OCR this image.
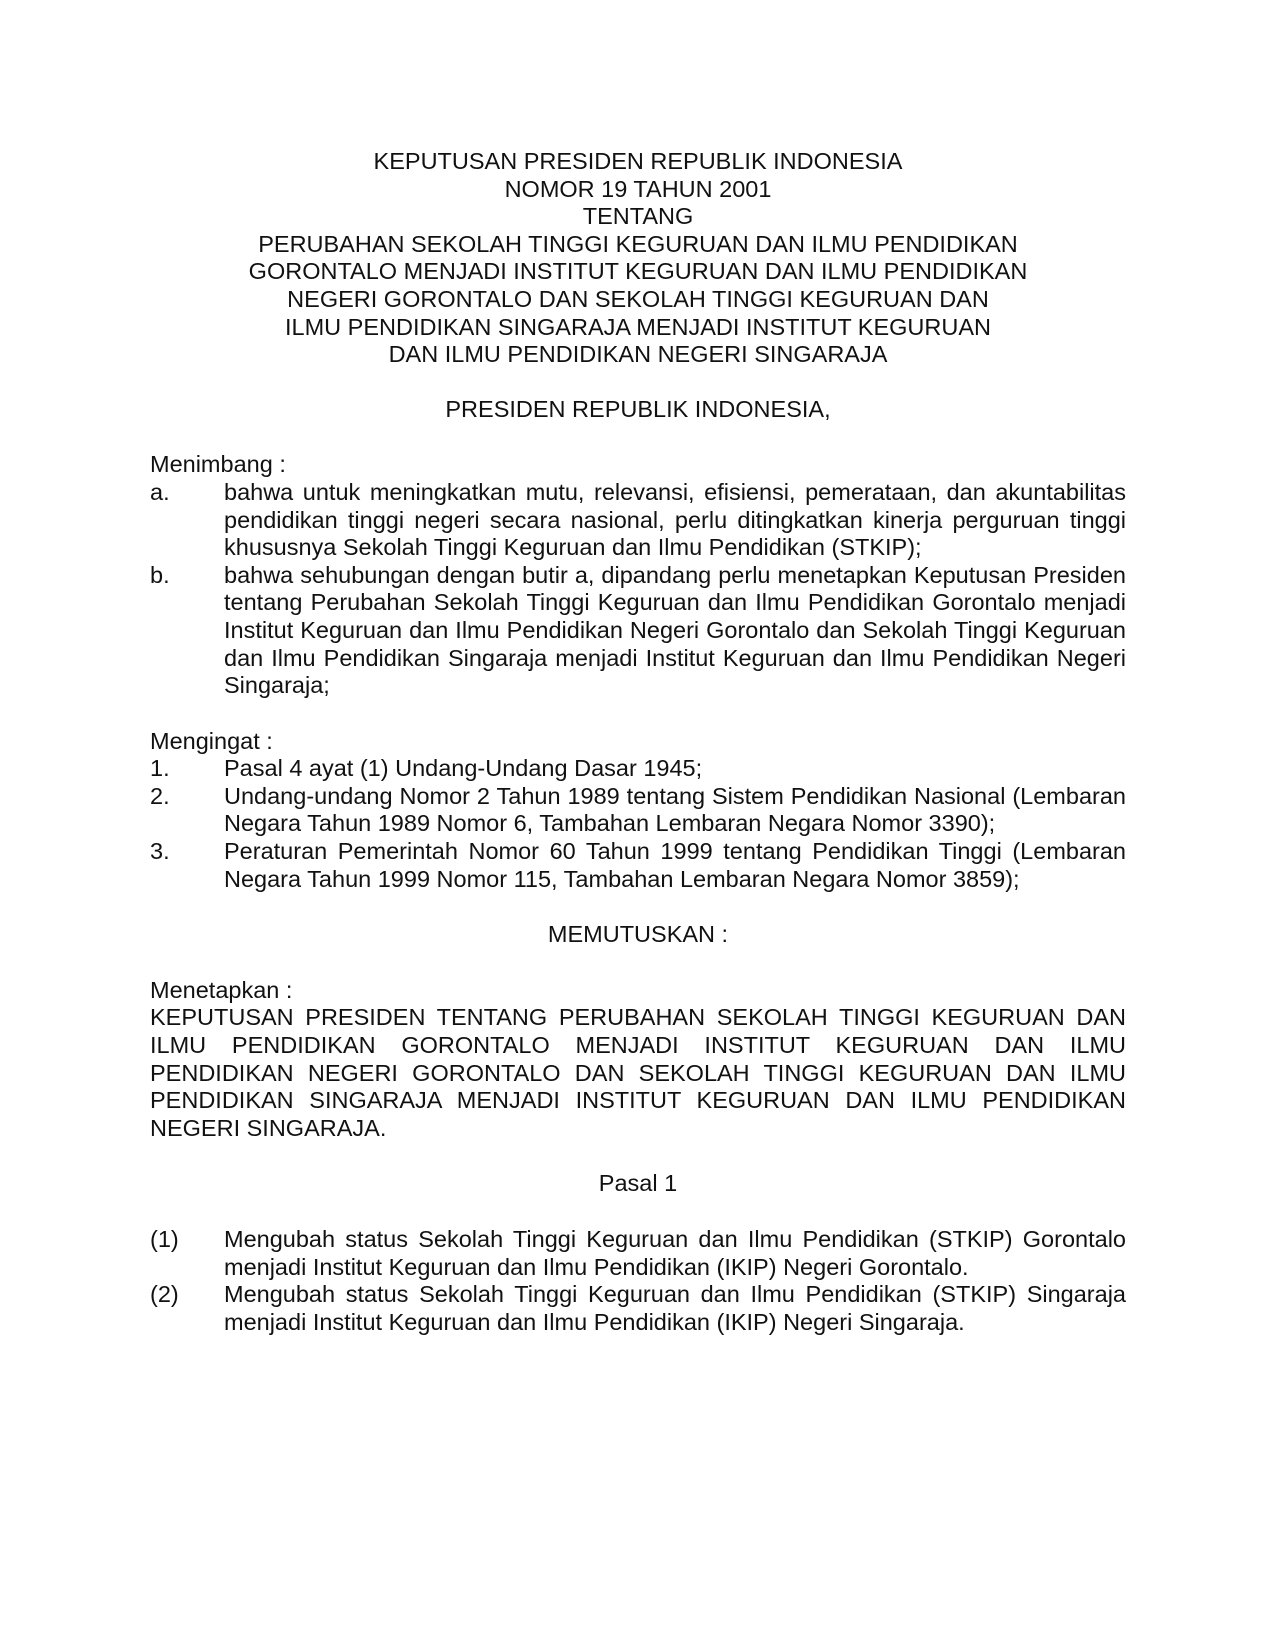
KEPUTUSAN PRESIDEN REPUBLIK INDONESIA
NOMOR 19 TAHUN 2001
TENTANG
PERUBAHAN SEKOLAH TINGGI KEGURUAN DAN ILMU PENDIDIKAN
GORONTALO MENJADI INSTITUT KEGURUAN DAN ILMU PENDIDIKAN
NEGERI GORONTALO DAN SEKOLAH TINGGI KEGURUAN DAN
ILMU PENDIDIKAN SINGARAJA MENJADI INSTITUT KEGURUAN
DAN ILMU PENDIDIKAN NEGERI SINGARAJA
PRESIDEN REPUBLIK INDONESIA,
Menimbang :
a.	bahwa untuk meningkatkan mutu, relevansi, efisiensi, pemerataan, dan akuntabilitas pendidikan tinggi negeri secara nasional, perlu ditingkatkan kinerja perguruan tinggi khususnya Sekolah Tinggi Keguruan dan Ilmu Pendidikan (STKIP);
b.	bahwa sehubungan dengan butir a, dipandang perlu menetapkan Keputusan Presiden tentang Perubahan Sekolah Tinggi Keguruan dan Ilmu Pendidikan Gorontalo menjadi Institut Keguruan dan Ilmu Pendidikan Negeri Gorontalo dan Sekolah Tinggi Keguruan dan Ilmu Pendidikan Singaraja menjadi Institut Keguruan dan Ilmu Pendidikan Negeri Singaraja;
Mengingat :
1.	Pasal 4 ayat (1) Undang-Undang Dasar 1945;
2.	Undang-undang Nomor 2 Tahun 1989 tentang Sistem Pendidikan Nasional (Lembaran Negara Tahun 1989 Nomor 6, Tambahan Lembaran Negara Nomor 3390);
3.	Peraturan Pemerintah Nomor 60 Tahun 1999 tentang Pendidikan Tinggi (Lembaran Negara Tahun 1999 Nomor 115, Tambahan Lembaran Negara Nomor 3859);
MEMUTUSKAN :
Menetapkan :
KEPUTUSAN PRESIDEN TENTANG PERUBAHAN SEKOLAH TINGGI KEGURUAN DAN ILMU PENDIDIKAN GORONTALO MENJADI INSTITUT KEGURUAN DAN ILMU PENDIDIKAN NEGERI GORONTALO DAN SEKOLAH TINGGI KEGURUAN DAN ILMU PENDIDIKAN SINGARAJA MENJADI INSTITUT KEGURUAN DAN ILMU PENDIDIKAN NEGERI SINGARAJA.
Pasal 1
(1)	Mengubah status Sekolah Tinggi Keguruan dan Ilmu Pendidikan (STKIP) Gorontalo menjadi Institut Keguruan dan Ilmu Pendidikan (IKIP) Negeri Gorontalo.
(2)	Mengubah status Sekolah Tinggi Keguruan dan Ilmu Pendidikan (STKIP) Singaraja menjadi Institut Keguruan dan Ilmu Pendidikan (IKIP) Negeri Singaraja.
